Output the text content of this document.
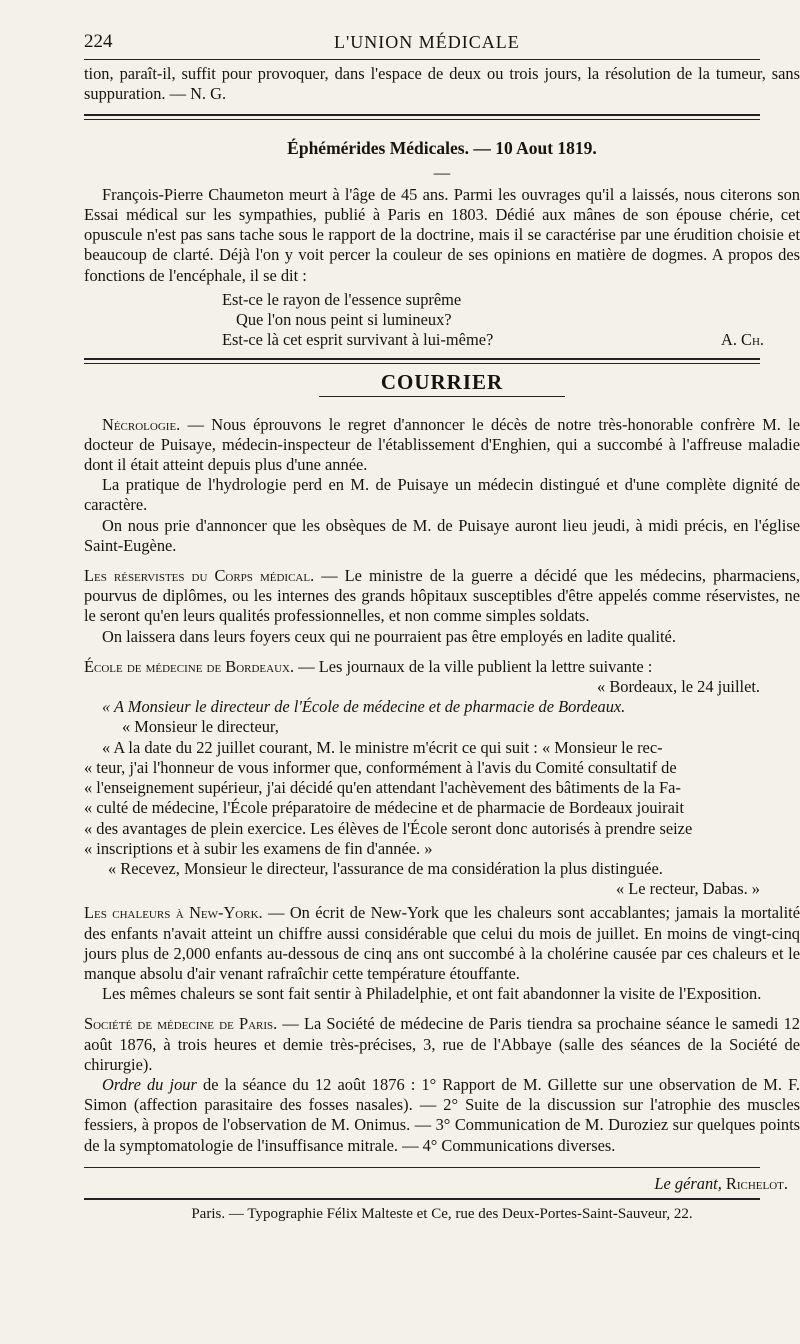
224	L'UNION MÉDICALE

tion, paraît-il, suffit pour provoquer, dans l'espace de deux ou trois jours, la résolution de la tumeur, sans suppuration. — N. G.

Éphémérides Médicales. — 10 Aout 1819.
—

François-Pierre Chaumeton meurt à l'âge de 45 ans. Parmi les ouvrages qu'il a laissés, nous citerons son Essai médical sur les sympathies, publié à Paris en 1803. Dédié aux mânes de son épouse chérie, cet opuscule n'est pas sans tache sous le rapport de la doctrine, mais il se caractérise par une érudition choisie et beaucoup de clarté. Déjà l'on y voit percer la couleur de ses opinions en matière de dogmes. A propos des fonctions de l'encéphale, il se dit :

Est-ce le rayon de l'essence suprême
Que l'on nous peint si lumineux?
Est-ce là cet esprit survivant à lui-même?	A. Ch.
COURRIER

Nécrologie. — Nous éprouvons le regret d'annoncer le décès de notre très-honorable confrère M. le docteur de Puisaye, médecin-inspecteur de l'établissement d'Enghien, qui a succombé à l'affreuse maladie dont il était atteint depuis plus d'une année.

La pratique de l'hydrologie perd en M. de Puisaye un médecin distingué et d'une complète dignité de caractère.

On nous prie d'annoncer que les obsèques de M. de Puisaye auront lieu jeudi, à midi précis, en l'église Saint-Eugène.

Les réservistes du Corps médical. — Le ministre de la guerre a décidé que les médecins, pharmaciens, pourvus de diplômes, ou les internes des grands hôpitaux susceptibles d'être appelés comme réservistes, ne le seront qu'en leurs qualités professionnelles, et non comme simples soldats.

On laissera dans leurs foyers ceux qui ne pourraient pas être employés en ladite qualité.

École de médecine de Bordeaux. — Les journaux de la ville publient la lettre suivante :

« Bordeaux, le 24 juillet.

« A Monsieur le directeur de l'École de médecine et de pharmacie de Bordeaux.

« Monsieur le directeur,

« A la date du 22 juillet courant, M. le ministre m'écrit ce qui suit : « Monsieur le rec-

« teur, j'ai l'honneur de vous informer que, conformément à l'avis du Comité consultatif de

« l'enseignement supérieur, j'ai décidé qu'en attendant l'achèvement des bâtiments de la Fa-

« culté de médecine, l'École préparatoire de médecine et de pharmacie de Bordeaux jouirait

« des avantages de plein exercice. Les élèves de l'École seront donc autorisés à prendre seize

« inscriptions et à subir les examens de fin d'année. »

« Recevez, Monsieur le directeur, l'assurance de ma considération la plus distinguée.

« Le recteur, Dabas. »

Les chaleurs à New-York. — On écrit de New-York que les chaleurs sont accablantes; jamais la mortalité des enfants n'avait atteint un chiffre aussi considérable que celui du mois de juillet. En moins de vingt-cinq jours plus de 2,000 enfants au-dessous de cinq ans ont succombé à la cholérine causée par ces chaleurs et le manque absolu d'air venant rafraîchir cette température étouffante.

Les mêmes chaleurs se sont fait sentir à Philadelphie, et ont fait abandonner la visite de l'Exposition.

Société de médecine de Paris. — La Société de médecine de Paris tiendra sa prochaine séance le samedi 12 août 1876, à trois heures et demie très-précises, 3, rue de l'Abbaye (salle des séances de la Société de chirurgie).

Ordre du jour de la séance du 12 août 1876 : 1° Rapport de M. Gillette sur une observation de M. F. Simon (affection parasitaire des fosses nasales). — 2° Suite de la discussion sur l'atrophie des muscles fessiers, à propos de l'observation de M. Onimus. — 3° Communication de M. Duroziez sur quelques points de la symptomatologie de l'insuffisance mitrale. — 4° Communications diverses.

Le gérant, Richelot.
Paris. — Typographie Félix Malteste et Ce, rue des Deux-Portes-Saint-Sauveur, 22.
